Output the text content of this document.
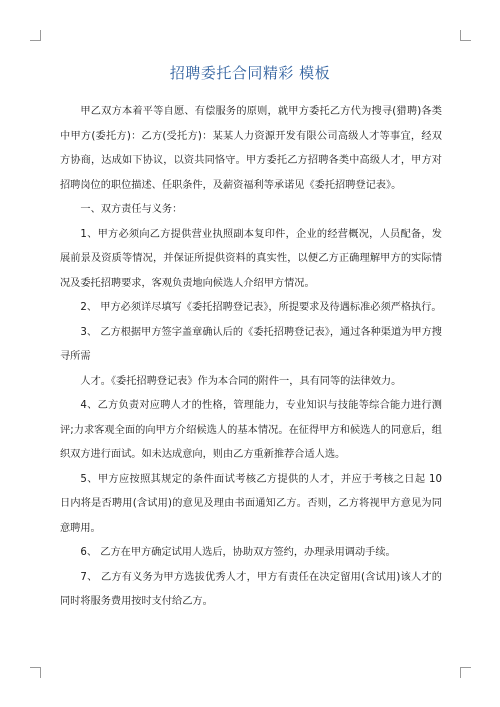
招聘委托合同精彩 模板

甲乙双方本着平等自愿、有偿服务的原则，就甲方委托乙方代为搜寻(猎聘)各类中甲方(委托方)：乙方(受托方)：某某人力资源开发有限公司高级人才等事宜，经双方协商，达成如下协议，以资共同恪守。甲方委托乙方招聘各类中高级人才，甲方对招聘岗位的职位描述、任职条件，及薪资福利等承诺见《委托招聘登记表》。

一、双方责任与义务：

1、甲方必须向乙方提供营业执照副本复印件，企业的经营概况，人员配备，发展前景及资质等情况，并保证所提供资料的真实性，以便乙方正确理解甲方的实际情况及委托招聘要求，客观负责地向候选人介绍甲方情况。

2、 甲方必须详尽填写《委托招聘登记表》，所提要求及待遇标准必须严格执行。

3、 乙方根据甲方签字盖章确认后的《委托招聘登记表》，通过各种渠道为甲方搜寻所需

人才。《委托招聘登记表》作为本合同的附件一，具有同等的法律效力。

4、乙方负责对应聘人才的性格，管理能力，专业知识与技能等综合能力进行测评;力求客观全面的向甲方介绍候选人的基本情况。在征得甲方和候选人的同意后，组织双方进行面试。如未达成意向，则由乙方重新推荐合适人选。

5、甲方应按照其规定的条件面试考核乙方提供的人才，并应于考核之日起 10 日内将是否聘用(含试用)的意见及理由书面通知乙方。否则，乙方将视甲方意见为同意聘用。

6、 乙方在甲方确定试用人选后，协助双方签约，办理录用调动手续。

7、 乙方有义务为甲方选拔优秀人才，甲方有责任在决定留用(含试用)该人才的同时将服务费用按时支付给乙方。
